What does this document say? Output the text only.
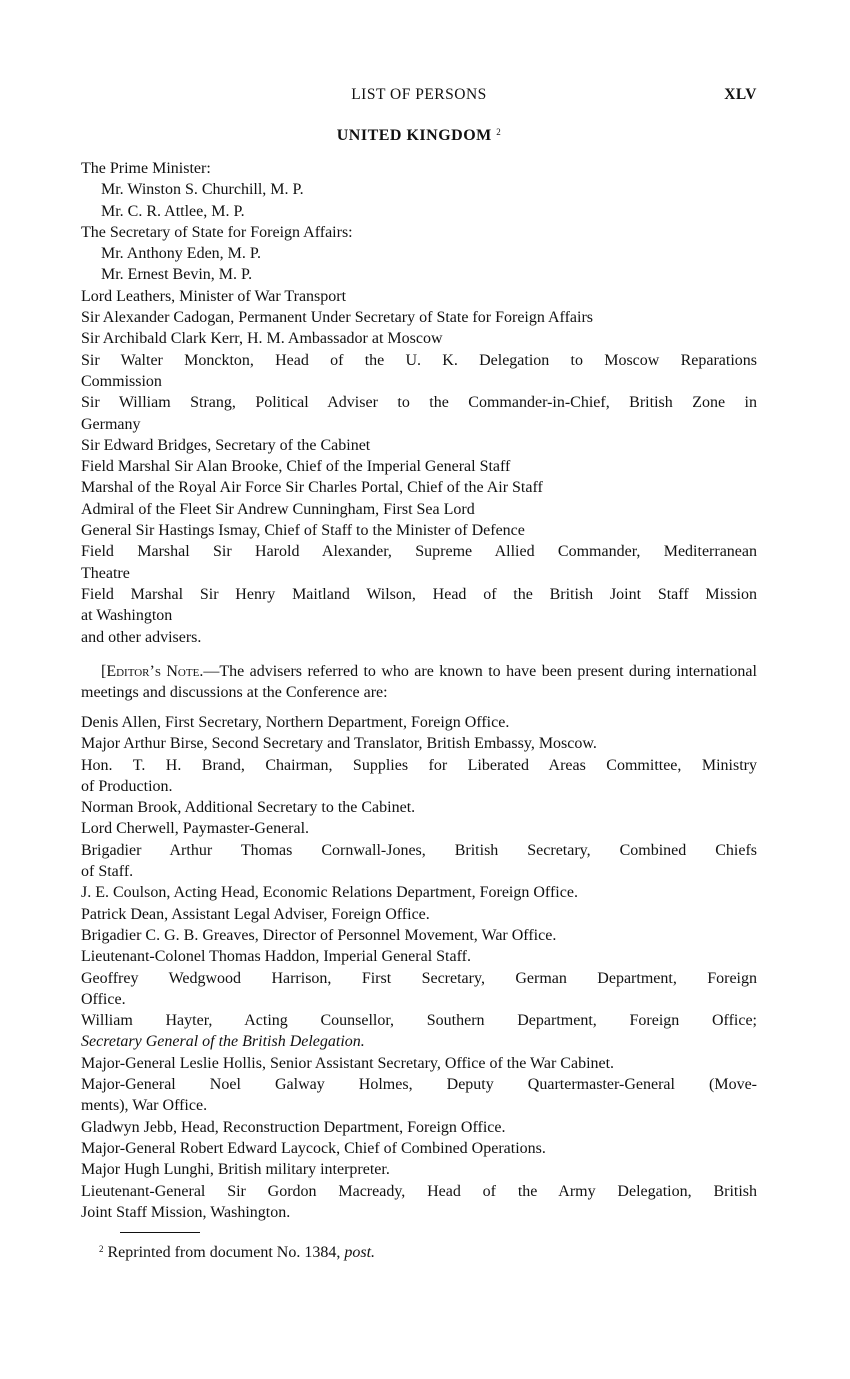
LIST OF PERSONS	XLV
UNITED KINGDOM $^2$
The Prime Minister:
Mr. Winston S. Churchill, M. P.
Mr. C. R. Attlee, M. P.
The Secretary of State for Foreign Affairs:
Mr. Anthony Eden, M. P.
Mr. Ernest Bevin, M. P.
Lord Leathers, Minister of War Transport
Sir Alexander Cadogan, Permanent Under Secretary of State for Foreign Affairs
Sir Archibald Clark Kerr, H. M. Ambassador at Moscow
Sir Walter Monckton, Head of the U. K. Delegation to Moscow Reparations
Commission
Sir William Strang, Political Adviser to the Commander-in-Chief, British Zone in
Germany
Sir Edward Bridges, Secretary of the Cabinet
Field Marshal Sir Alan Brooke, Chief of the Imperial General Staff
Marshal of the Royal Air Force Sir Charles Portal, Chief of the Air Staff
Admiral of the Fleet Sir Andrew Cunningham, First Sea Lord
General Sir Hastings Ismay, Chief of Staff to the Minister of Defence
Field Marshal Sir Harold Alexander, Supreme Allied Commander, Mediterranean
Theatre
Field Marshal Sir Henry Maitland Wilson, Head of the British Joint Staff Mission
at Washington
and other advisers.
[Editor’s Note.—The advisers referred to who are known to have been present during international meetings and discussions at the Conference are:
Denis Allen, First Secretary, Northern Department, Foreign Office.
Major Arthur Birse, Second Secretary and Translator, British Embassy, Moscow.
Hon. T. H. Brand, Chairman, Supplies for Liberated Areas Committee, Ministry
of Production.
Norman Brook, Additional Secretary to the Cabinet.
Lord Cherwell, Paymaster-General.
Brigadier Arthur Thomas Cornwall-Jones, British Secretary, Combined Chiefs
of Staff.
J. E. Coulson, Acting Head, Economic Relations Department, Foreign Office.
Patrick Dean, Assistant Legal Adviser, Foreign Office.
Brigadier C. G. B. Greaves, Director of Personnel Movement, War Office.
Lieutenant-Colonel Thomas Haddon, Imperial General Staff.
Geoffrey Wedgwood Harrison, First Secretary, German Department, Foreign
Office.
William Hayter, Acting Counsellor, Southern Department, Foreign Office;
Secretary General of the British Delegation.
Major-General Leslie Hollis, Senior Assistant Secretary, Office of the War Cabinet.
Major-General Noel Galway Holmes, Deputy Quartermaster-General (Move-
ments), War Office.
Gladwyn Jebb, Head, Reconstruction Department, Foreign Office.
Major-General Robert Edward Laycock, Chief of Combined Operations.
Major Hugh Lunghi, British military interpreter.
Lieutenant-General Sir Gordon Macready, Head of the Army Delegation, British
Joint Staff Mission, Washington.
$^2$ Reprinted from document No. 1384, post.
